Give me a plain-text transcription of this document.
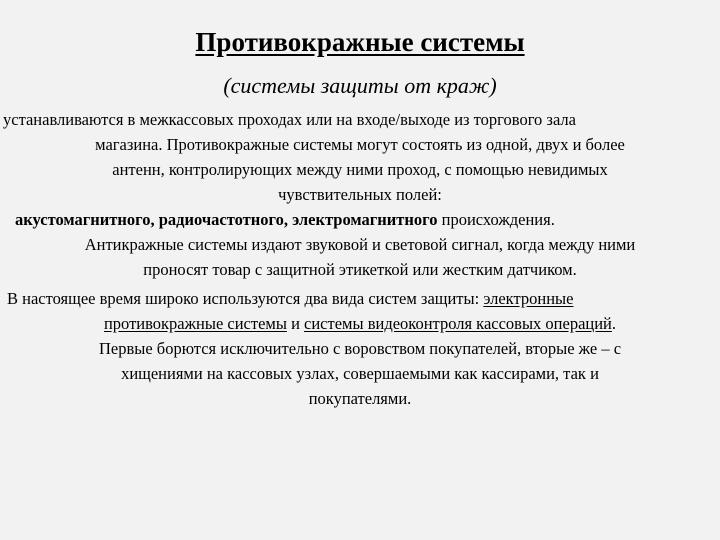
Противокражные системы
(системы защиты от краж)
устанавливаются в межкассовых проходах или на входе/выходе из торгового зала
магазина. Противокражные системы могут состоять из одной, двух и более
антенн, контролирующих между ними проход, с помощью невидимых
чувствительных полей:
акустомагнитного, радиочастотного, электромагнитного происхождения.
Антикражные системы издают звуковой и световой сигнал, когда между ними
проносят товар с защитной этикеткой или жестким датчиком.
В настоящее время широко используются два вида систем защиты: электронные
противокражные системы и системы видеоконтроля кассовых операций.
Первые борются исключительно с воровством покупателей, вторые же – с
хищениями на кассовых узлах, совершаемыми как кассирами, так и
покупателями.
